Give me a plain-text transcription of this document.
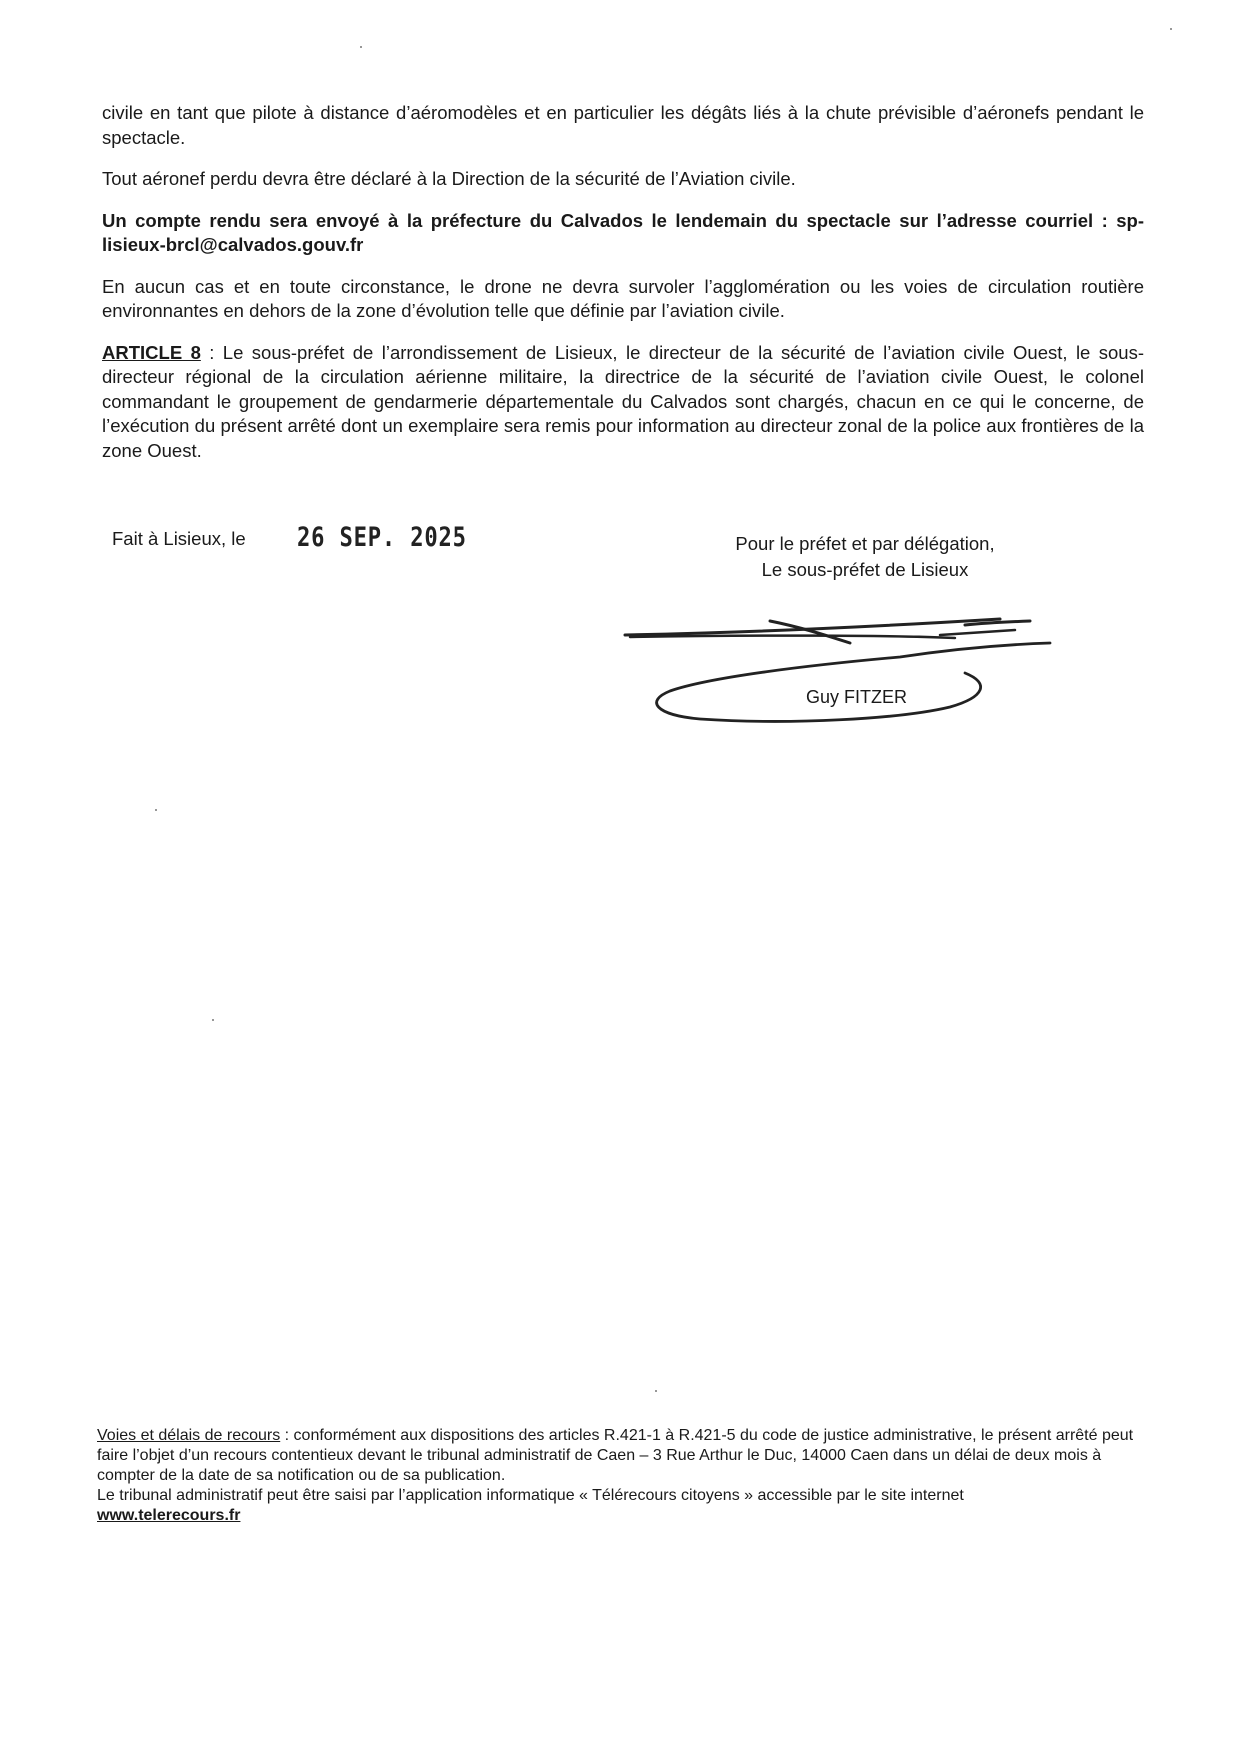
civile en tant que pilote à distance d’aéromodèles et en particulier les dégâts liés à la chute prévisible d’aéronefs pendant le spectacle.

Tout aéronef perdu devra être déclaré à la Direction de la sécurité de l’Aviation civile.

Un compte rendu sera envoyé à la préfecture du Calvados le lendemain du spectacle sur l’adresse courriel : sp-lisieux-brcl@calvados.gouv.fr

En aucun cas et en toute circonstance, le drone ne devra survoler l’agglomération ou les voies de circulation routière environnantes en dehors de la zone d’évolution telle que définie par l’aviation civile.

ARTICLE 8 : Le sous-préfet de l’arrondissement de Lisieux, le directeur de la sécurité de l’aviation civile Ouest, le sous-directeur régional de la circulation aérienne militaire, la directrice de la sécurité de l’aviation civile Ouest, le colonel commandant le groupement de gendarmerie départementale du Calvados sont chargés, chacun en ce qui le concerne, de l’exécution du présent arrêté dont un exemplaire sera remis pour information au directeur zonal de la police aux frontières de la zone Ouest.

Fait à Lisieux, le 26 SEP. 2025	Pour le préfet et par délégation,
Le sous-préfet de Lisieux
Guy FITZER

Voies et délais de recours : conformément aux dispositions des articles R.421-1 à R.421-5 du code de justice administrative, le présent arrêté peut faire l’objet d’un recours contentieux devant le tribunal administratif de Caen – 3 Rue Arthur le Duc, 14000 Caen dans un délai de deux mois à compter de la date de sa notification ou de sa publication.

Le tribunal administratif peut être saisi par l’application informatique « Télérecours citoyens » accessible par le site internet

www.telerecours.fr
